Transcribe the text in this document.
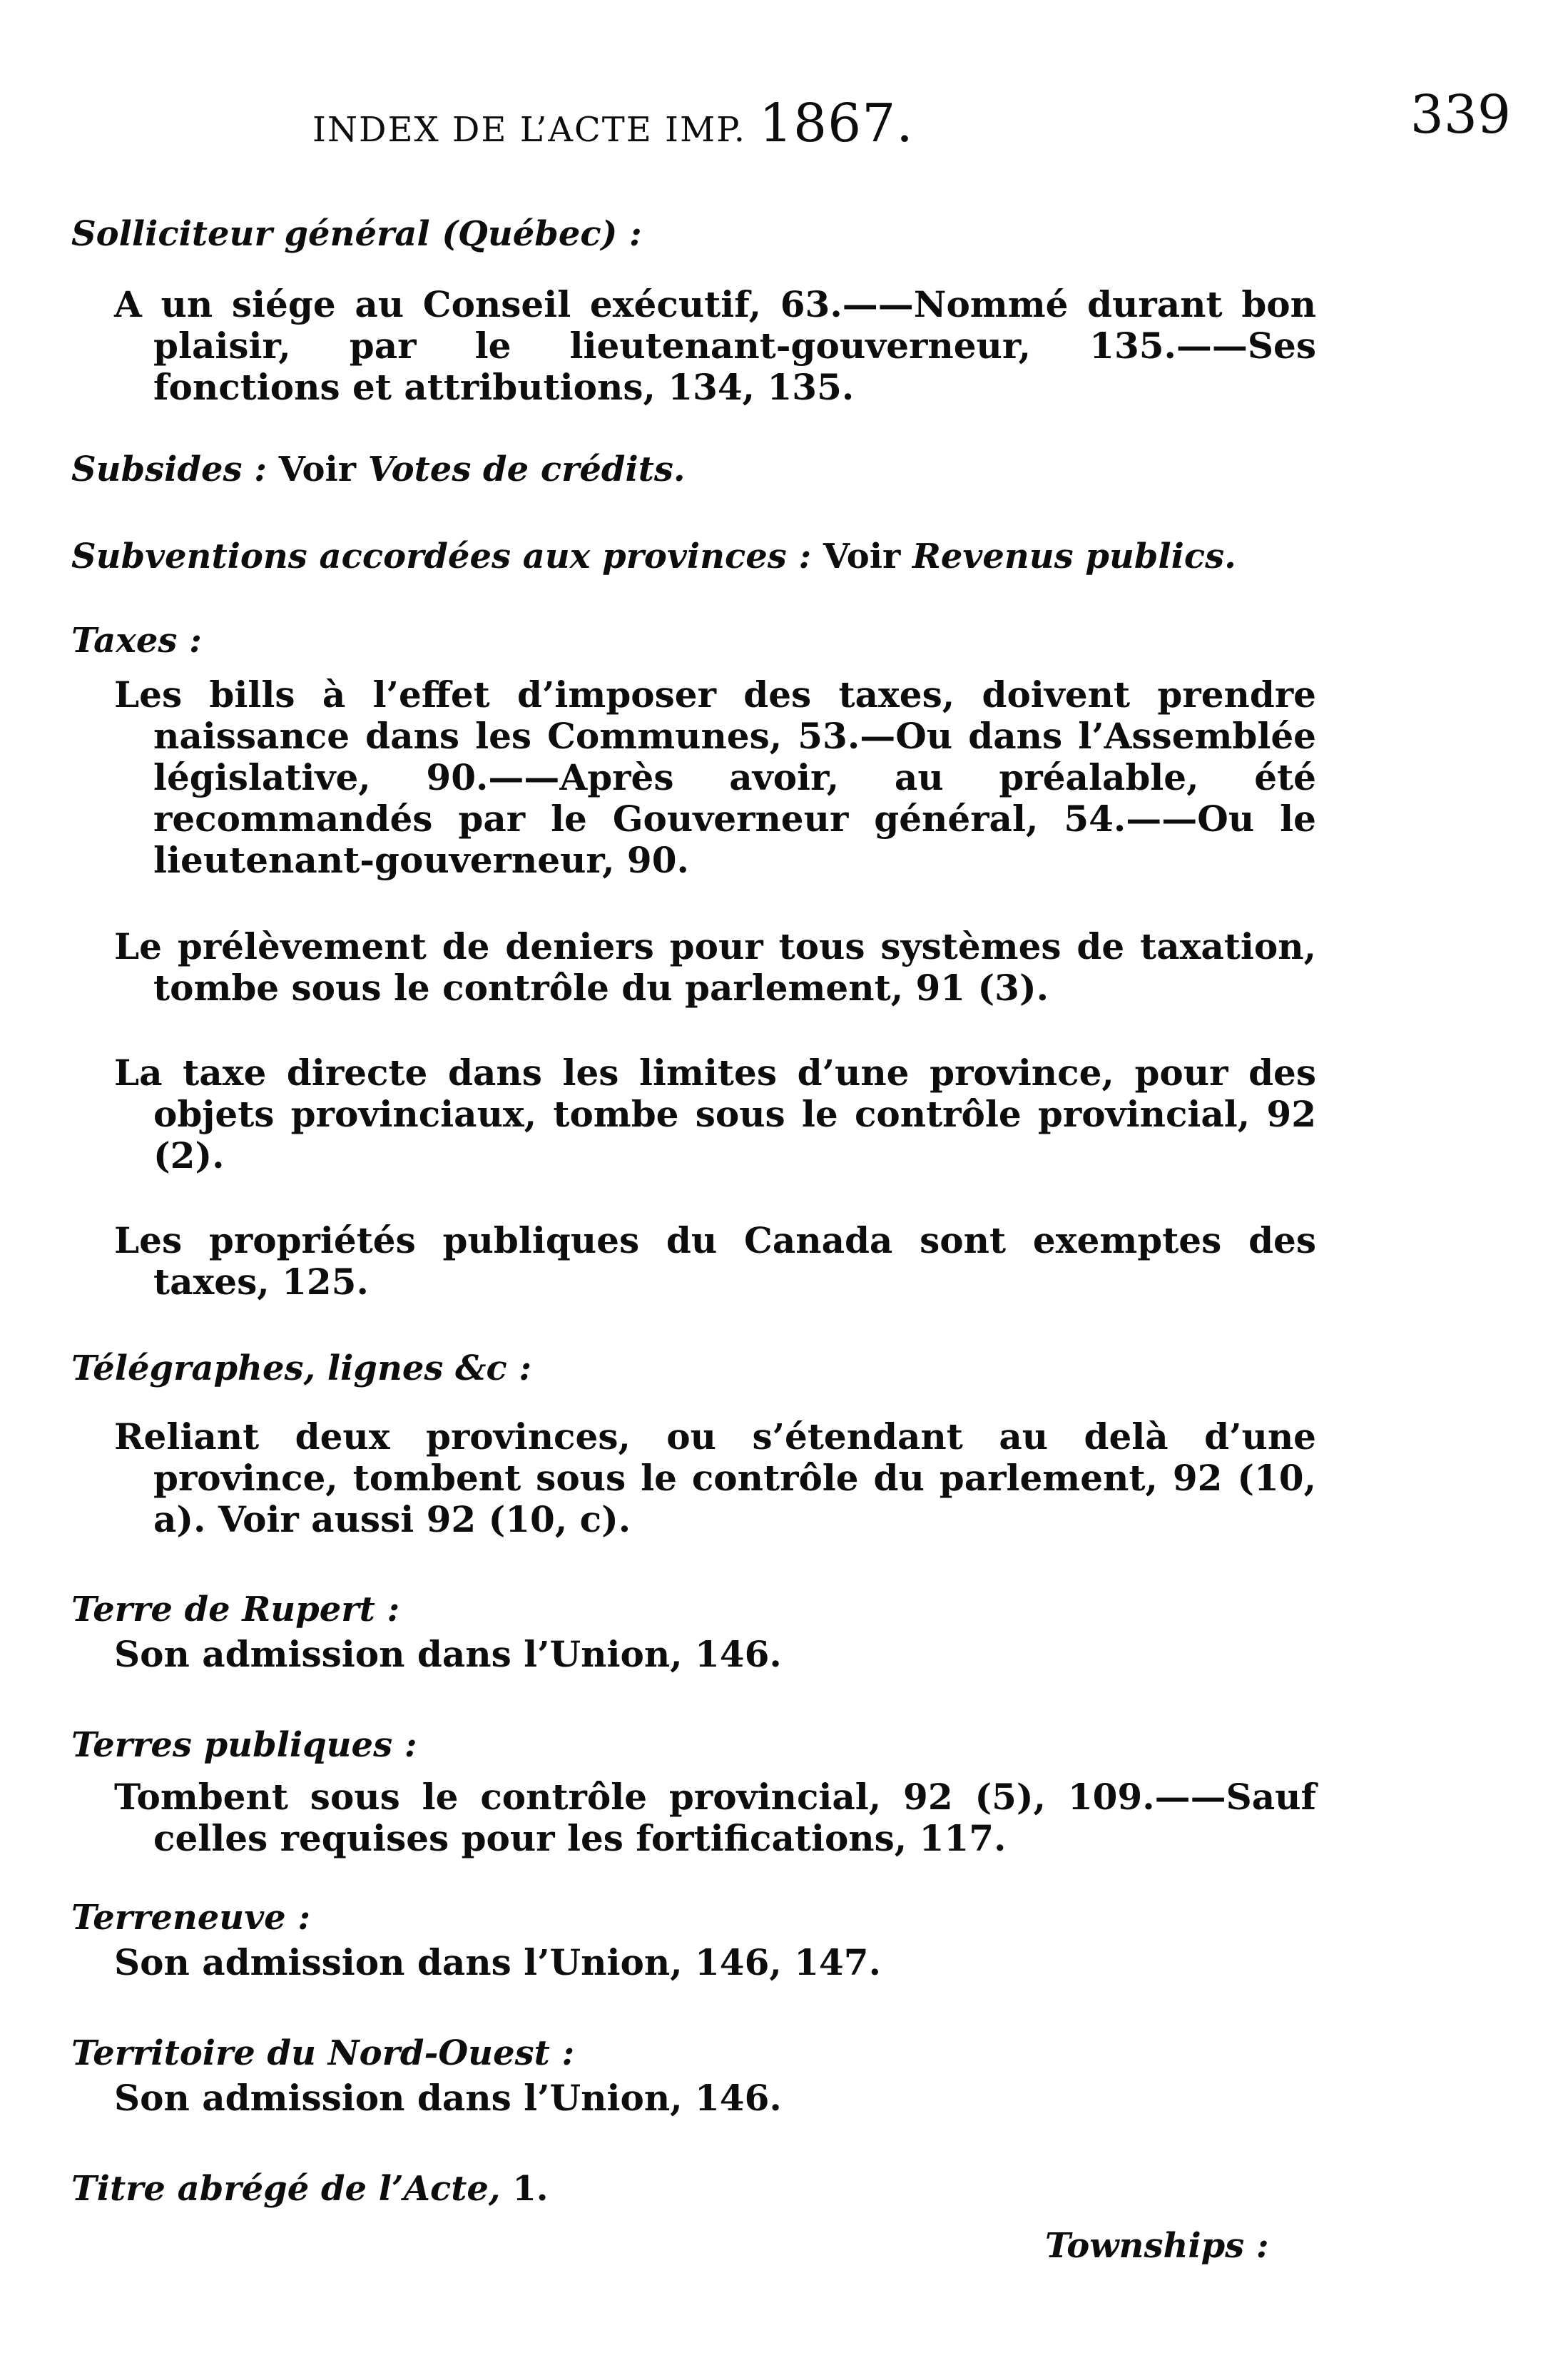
INDEX DE L’ACTE IMP. 1867.	339
Solliciteur général (Québec) :
A un siége au Conseil exécutif, 63.——Nommé durant bon plaisir, par le lieutenant-gouverneur, 135.——Ses fonctions et attributions, 134, 135.
Subsides : Voir Votes de crédits.
Subventions accordées aux provinces : Voir Revenus publics.
Taxes :
Les bills à l’effet d’imposer des taxes, doivent prendre naissance dans les Communes, 53.—Ou dans l’Assemblée législative, 90.——Après avoir, au préalable, été recommandés par le Gouverneur général, 54.——Ou le lieutenant-gouverneur, 90.
Le prélèvement de deniers pour tous systèmes de taxation, tombe sous le contrôle du parlement, 91 (3).
La taxe directe dans les limites d’une province, pour des objets provinciaux, tombe sous le contrôle provincial, 92 (2).
Les propriétés publiques du Canada sont exemptes des taxes, 125.
Télégraphes, lignes &c :
Reliant deux provinces, ou s’étendant au delà d’une province, tombent sous le contrôle du parlement, 92 (10, a). Voir aussi 92 (10, c).
Terre de Rupert :
Son admission dans l’Union, 146.
Terres publiques :
Tombent sous le contrôle provincial, 92 (5), 109.——Sauf celles requises pour les fortifications, 117.
Terreneuve :
Son admission dans l’Union, 146, 147.
Territoire du Nord-Ouest :
Son admission dans l’Union, 146.
Titre abrégé de l’Acte, 1.
Townships :
